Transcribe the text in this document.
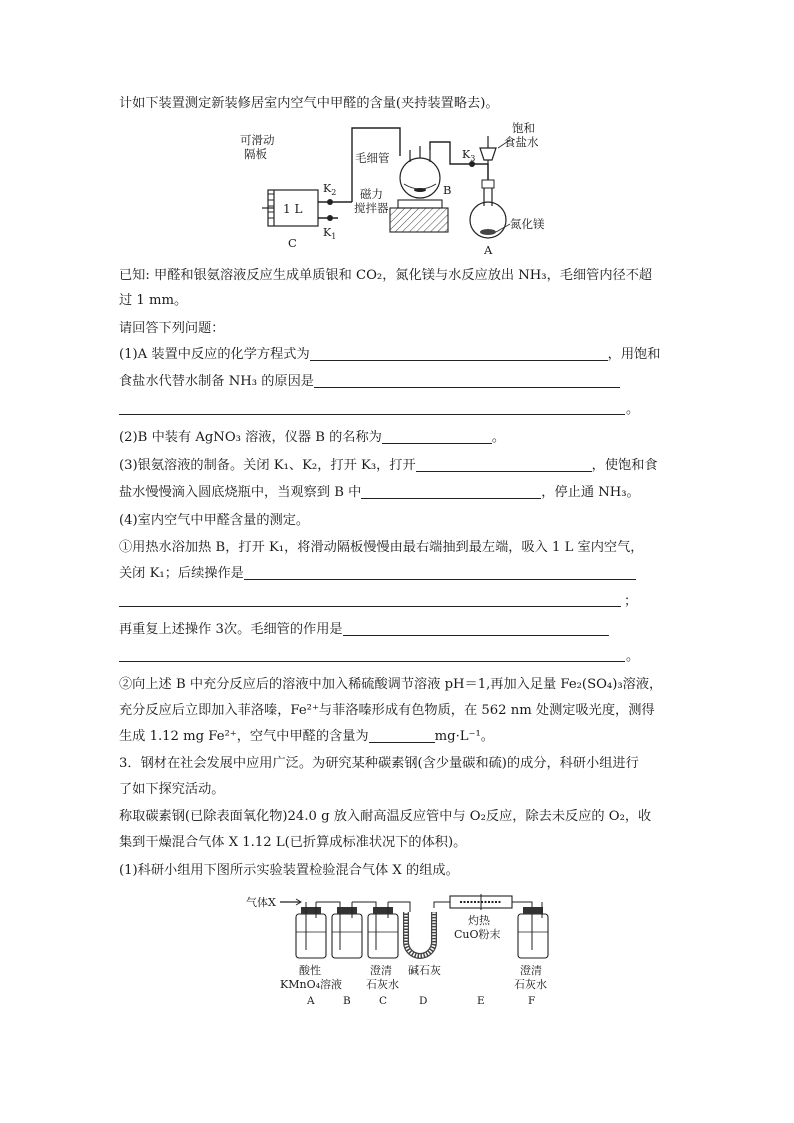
计如下装置测定新装修居室内空气中甲醛的含量(夹持装置略去)。
1 L
可滑动
隔板
C
$K_2$
$K_1$
毛细管
B
磁力
搅拌器
$K_3$
A
饱和
食盐水
氮化镁
已知: 甲醛和银氨溶液反应生成单质银和 CO₂，氮化镁与水反应放出 NH₃，毛细管内径不超
过 1 mm。
请回答下列问题：
(1)A 装置中反应的化学方程式为	，用饱和
食盐水代替水制备 NH₃ 的原因是
。
(2)B 中装有 AgNO₃ 溶液，仪器 B 的名称为	。
(3)银氨溶液的制备。关闭 K₁、K₂，打开 K₃，打开	，使饱和食
盐水慢慢滴入圆底烧瓶中，当观察到 B 中	，停止通 NH₃。
(4)室内空气中甲醛含量的测定。
①用热水浴加热 B，打开 K₁，将滑动隔板慢慢由最右端抽到最左端，吸入 1 L 室内空气，
关闭 K₁；后续操作是
；
再重复上述操作 3次。毛细管的作用是
。
②向上述 B 中充分反应后的溶液中加入稀硫酸调节溶液 pH＝1,再加入足量 Fe₂(SO₄)₃溶液，
充分反应后立即加入菲洛嗪，Fe²⁺与菲洛嗪形成有色物质，在 562 nm 处测定吸光度，测得
生成 1.12 mg Fe²⁺，空气中甲醛的含量为	mg·L⁻¹。
3．钢材在社会发展中应用广泛。为研究某种碳素钢(含少量碳和硫)的成分，科研小组进行
了如下探究活动。
称取碳素钢(已除表面氧化物)24.0 g 放入耐高温反应管中与 O₂反应，除去未反应的 O₂，收
集到干燥混合气体 X 1.12 L(已折算成标准状况下的体积)。
(1)科研小组用下图所示实验装置检验混合气体 X 的组成。
气体X
灼热
CuO粉末
酸性
KMnO₄溶液
澄清
石灰水
碱石灰	澄清
石灰水
A	B	C	D	E	F
